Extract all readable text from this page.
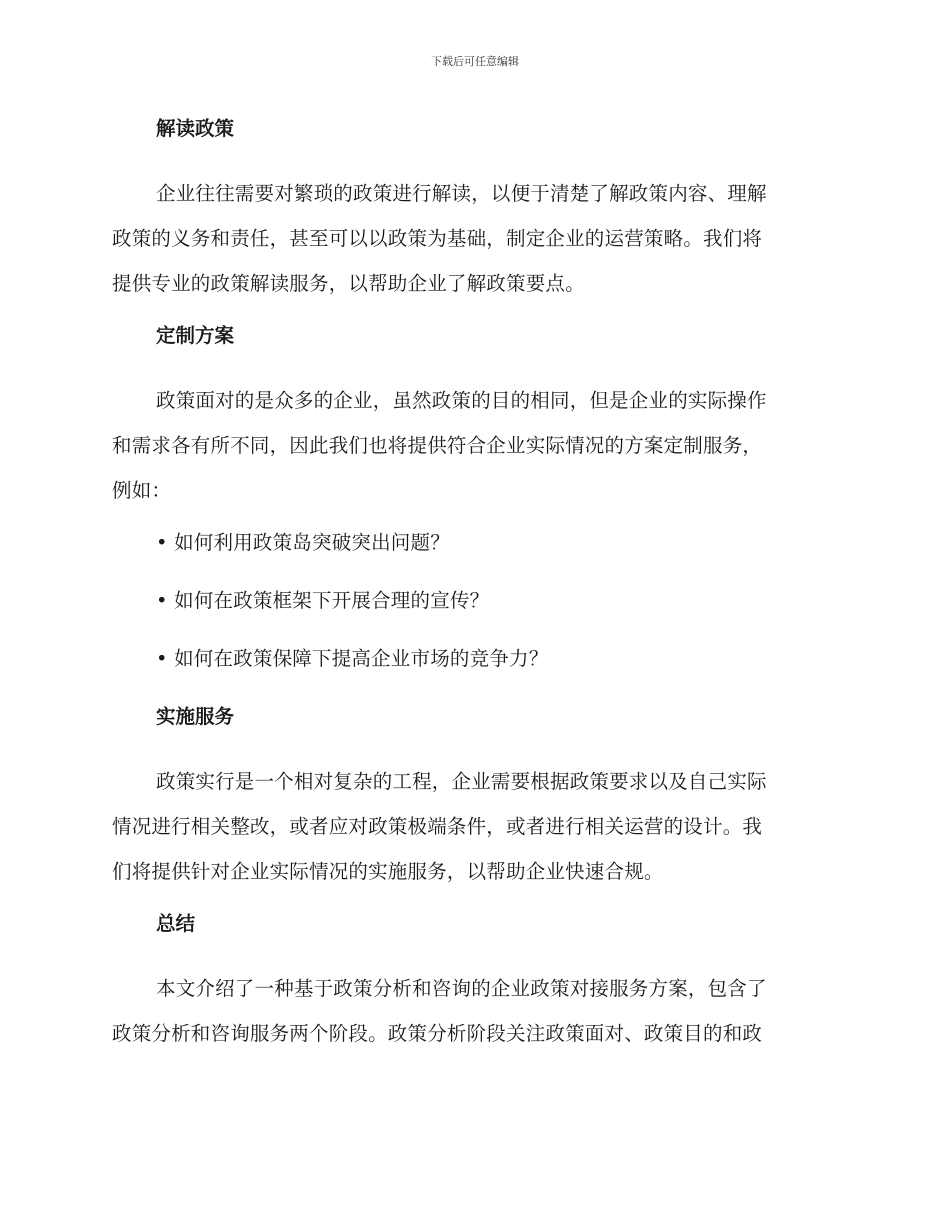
下载后可任意编辑
解读政策
企业往往需要对繁琐的政策进行解读，以便于清楚了解政策内容、理解
政策的义务和责任，甚至可以以政策为基础，制定企业的运营策略。我们将
提供专业的政策解读服务，以帮助企业了解政策要点。
定制方案
政策面对的是众多的企业，虽然政策的目的相同，但是企业的实际操作
和需求各有所不同，因此我们也将提供符合企业实际情况的方案定制服务，
例如：
• 如何利用政策岛突破突出问题？
• 如何在政策框架下开展合理的宣传？
• 如何在政策保障下提高企业市场的竞争力？
实施服务
政策实行是一个相对复杂的工程，企业需要根据政策要求以及自己实际
情况进行相关整改，或者应对政策极端条件，或者进行相关运营的设计。我
们将提供针对企业实际情况的实施服务，以帮助企业快速合规。
总结
本文介绍了一种基于政策分析和咨询的企业政策对接服务方案，包含了
政策分析和咨询服务两个阶段。政策分析阶段关注政策面对、政策目的和政
